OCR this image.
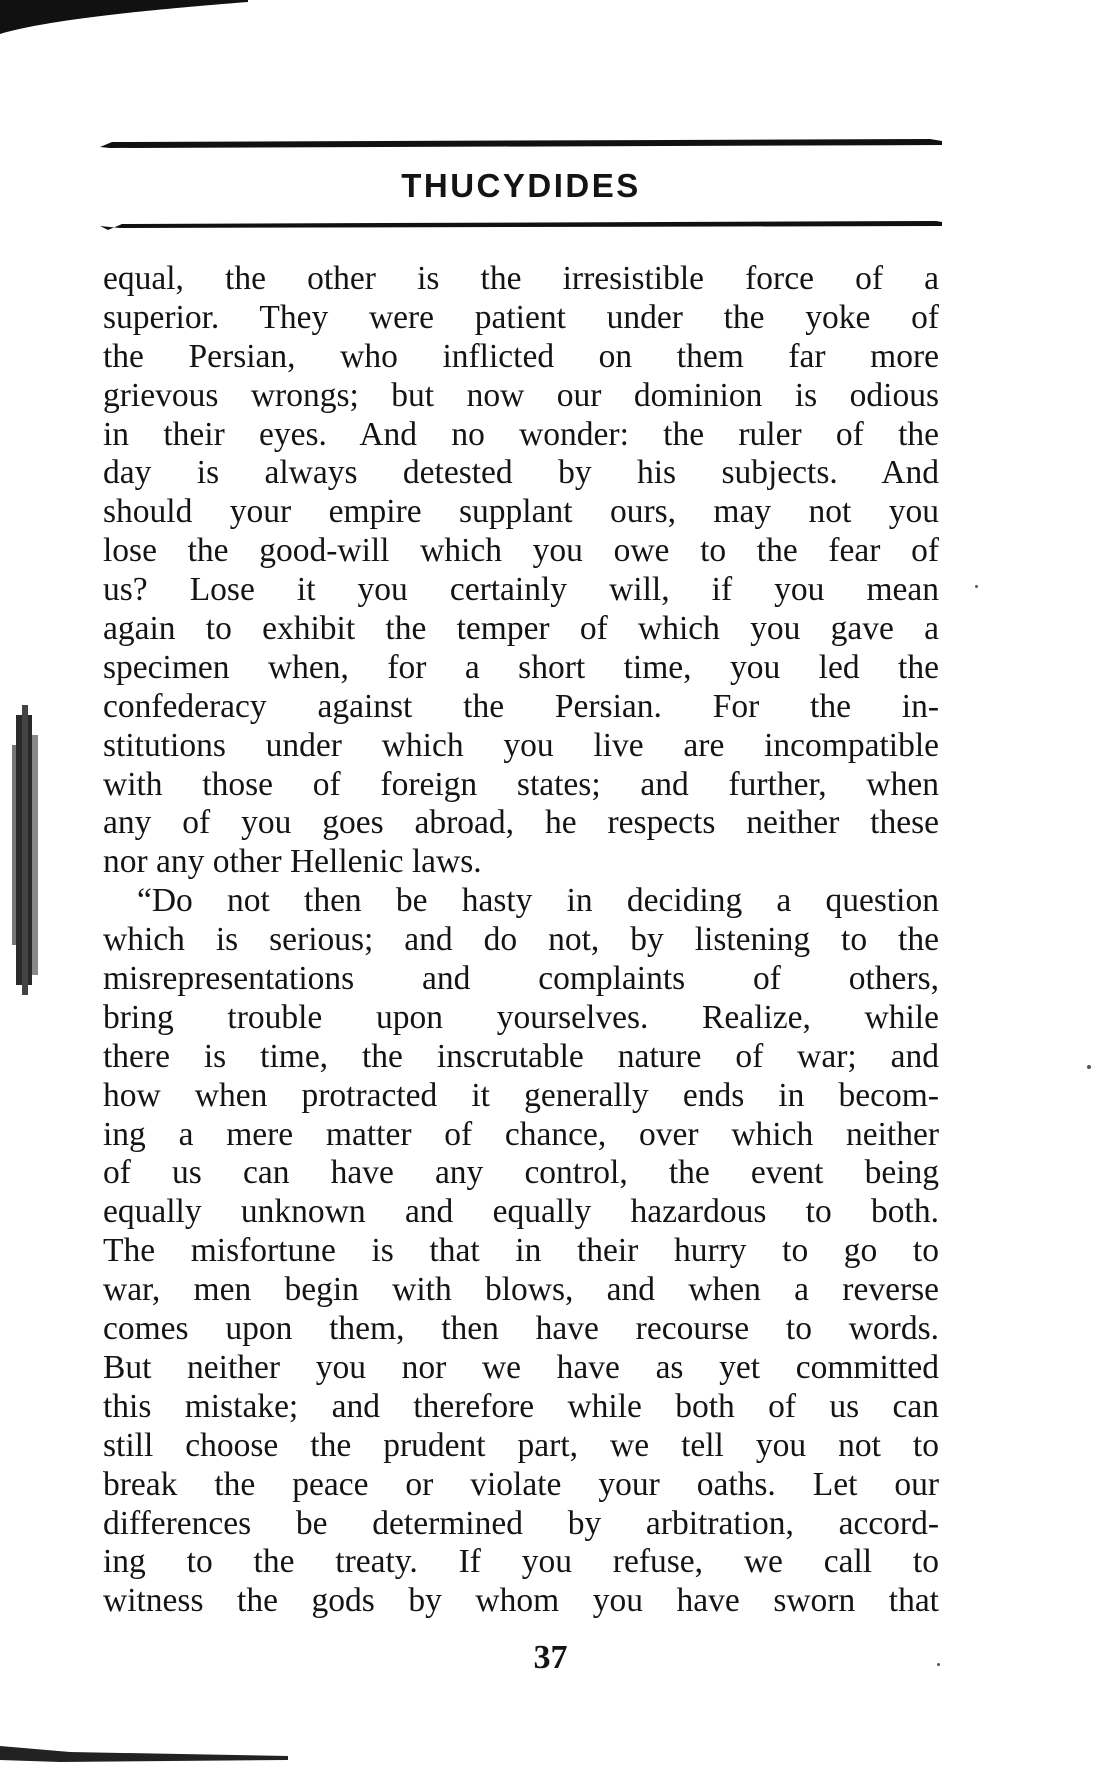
THUCYDIDES
equal, the other is the irresistible force of a
superior. They were patient under the yoke of
the Persian, who inflicted on them far more
grievous wrongs; but now our dominion is odious
in their eyes. And no wonder: the ruler of the
day is always detested by his subjects. And
should your empire supplant ours, may not you
lose the good-will which you owe to the fear of
us? Lose it you certainly will, if you mean
again to exhibit the temper of which you gave a
specimen when, for a short time, you led the
confederacy against the Persian. For the in-
stitutions under which you live are incompatible
with those of foreign states; and further, when
any of you goes abroad, he respects neither these
nor any other Hellenic laws.
“Do not then be hasty in deciding a question
which is serious; and do not, by listening to the
misrepresentations and complaints of others,
bring trouble upon yourselves. Realize, while
there is time, the inscrutable nature of war; and
how when protracted it generally ends in becom-
ing a mere matter of chance, over which neither
of us can have any control, the event being
equally unknown and equally hazardous to both.
The misfortune is that in their hurry to go to
war, men begin with blows, and when a reverse
comes upon them, then have recourse to words.
But neither you nor we have as yet committed
this mistake; and therefore while both of us can
still choose the prudent part, we tell you not to
break the peace or violate your oaths. Let our
differences be determined by arbitration, accord-
ing to the treaty. If you refuse, we call to
witness the gods by whom you have sworn that

37
